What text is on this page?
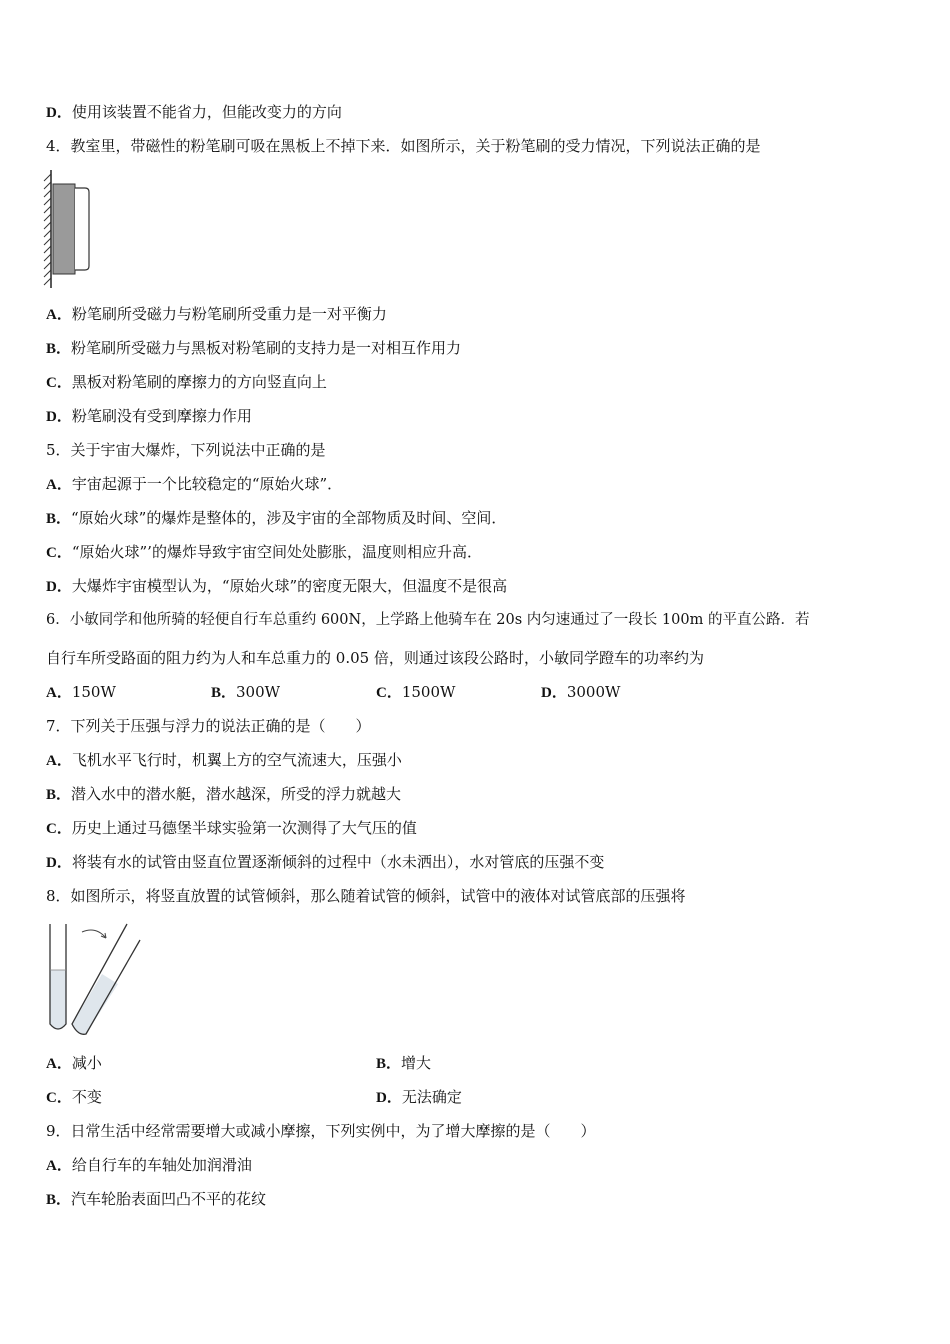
D．使用该装置不能省力，但能改变力的方向
4．教室里，带磁性的粉笔刷可吸在黑板上不掉下来．如图所示，关于粉笔刷的受力情况，下列说法正确的是
A．粉笔刷所受磁力与粉笔刷所受重力是一对平衡力
B．粉笔刷所受磁力与黑板对粉笔刷的支持力是一对相互作用力
C．黑板对粉笔刷的摩擦力的方向竖直向上
D．粉笔刷没有受到摩擦力作用
5．关于宇宙大爆炸，下列说法中正确的是
A．宇宙起源于一个比较稳定的“原始火球”．
B．“原始火球”的爆炸是整体的，涉及宇宙的全部物质及时间、空间．
C．“原始火球”’的爆炸导致宇宙空间处处膨胀，温度则相应升高．
D．大爆炸宇宙模型认为，“原始火球”的密度无限大，但温度不是很高
6．小敏同学和他所骑的轻便自行车总重约 600N，上学路上他骑车在 20s 内匀速通过了一段长 100m 的平直公路．若
自行车所受路面的阻力约为人和车总重力的 0.05 倍，则通过该段公路时，小敏同学蹬车的功率约为
A．150W	B．300W	C．1500W	D．3000W
7．下列关于压强与浮力的说法正确的是（　　）
A．飞机水平飞行时，机翼上方的空气流速大，压强小
B．潜入水中的潜水艇，潜水越深，所受的浮力就越大
C．历史上通过马德堡半球实验第一次测得了大气压的值
D．将装有水的试管由竖直位置逐渐倾斜的过程中（水未洒出），水对管底的压强不变
8．如图所示，将竖直放置的试管倾斜，那么随着试管的倾斜，试管中的液体对试管底部的压强将
A．减小	B．增大
C．不变	D．无法确定
9．日常生活中经常需要增大或减小摩擦，下列实例中，为了增大摩擦的是（　　）
A．给自行车的车轴处加润滑油
B．汽车轮胎表面凹凸不平的花纹
